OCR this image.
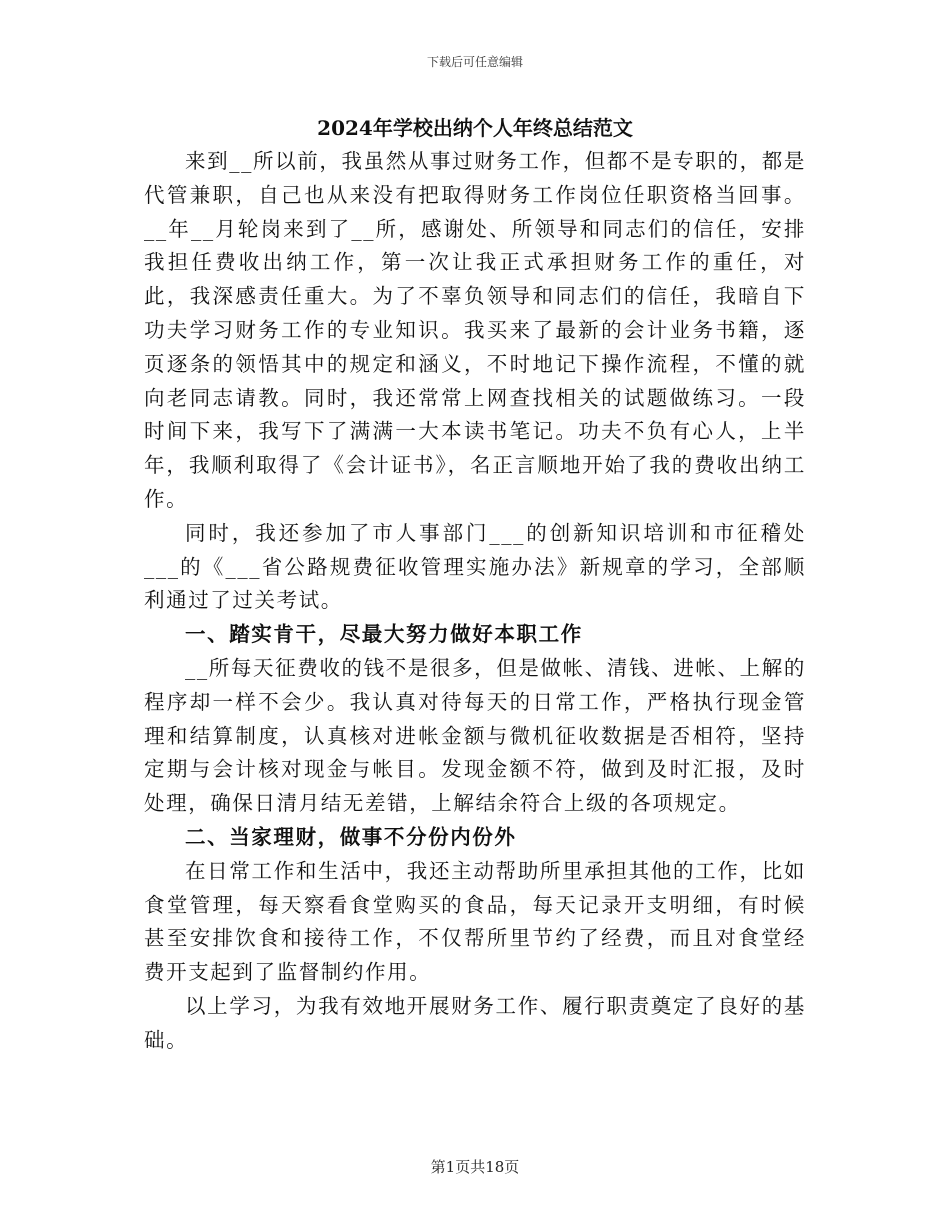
下载后可任意编辑
2024年学校出纳个人年终总结范文

来到__所以前，我虽然从事过财务工作，但都不是专职的，都是代管兼职，自己也从来没有把取得财务工作岗位任职资格当回事。__年__月轮岗来到了__所，感谢处、所领导和同志们的信任，安排我担任费收出纳工作，第一次让我正式承担财务工作的重任，对此，我深感责任重大。为了不辜负领导和同志们的信任，我暗自下功夫学习财务工作的专业知识。我买来了最新的会计业务书籍，逐页逐条的领悟其中的规定和涵义，不时地记下操作流程，不懂的就向老同志请教。同时，我还常常上网查找相关的试题做练习。一段时间下来，我写下了满满一大本读书笔记。功夫不负有心人，上半年，我顺利取得了《会计证书》，名正言顺地开始了我的费收出纳工作。

同时，我还参加了市人事部门___的创新知识培训和市征稽处___的《___省公路规费征收管理实施办法》新规章的学习，全部顺利通过了过关考试。

一、踏实肯干，尽最大努力做好本职工作

__所每天征费收的钱不是很多，但是做帐、清钱、进帐、上解的程序却一样不会少。我认真对待每天的日常工作，严格执行现金管理和结算制度，认真核对进帐金额与微机征收数据是否相符，坚持定期与会计核对现金与帐目。发现金额不符，做到及时汇报，及时处理，确保日清月结无差错，上解结余符合上级的各项规定。

二、当家理财，做事不分份内份外

在日常工作和生活中，我还主动帮助所里承担其他的工作，比如食堂管理，每天察看食堂购买的食品，每天记录开支明细，有时候甚至安排饮食和接待工作，不仅帮所里节约了经费，而且对食堂经费开支起到了监督制约作用。

以上学习，为我有效地开展财务工作、履行职责奠定了良好的基础。

第1页共18页
